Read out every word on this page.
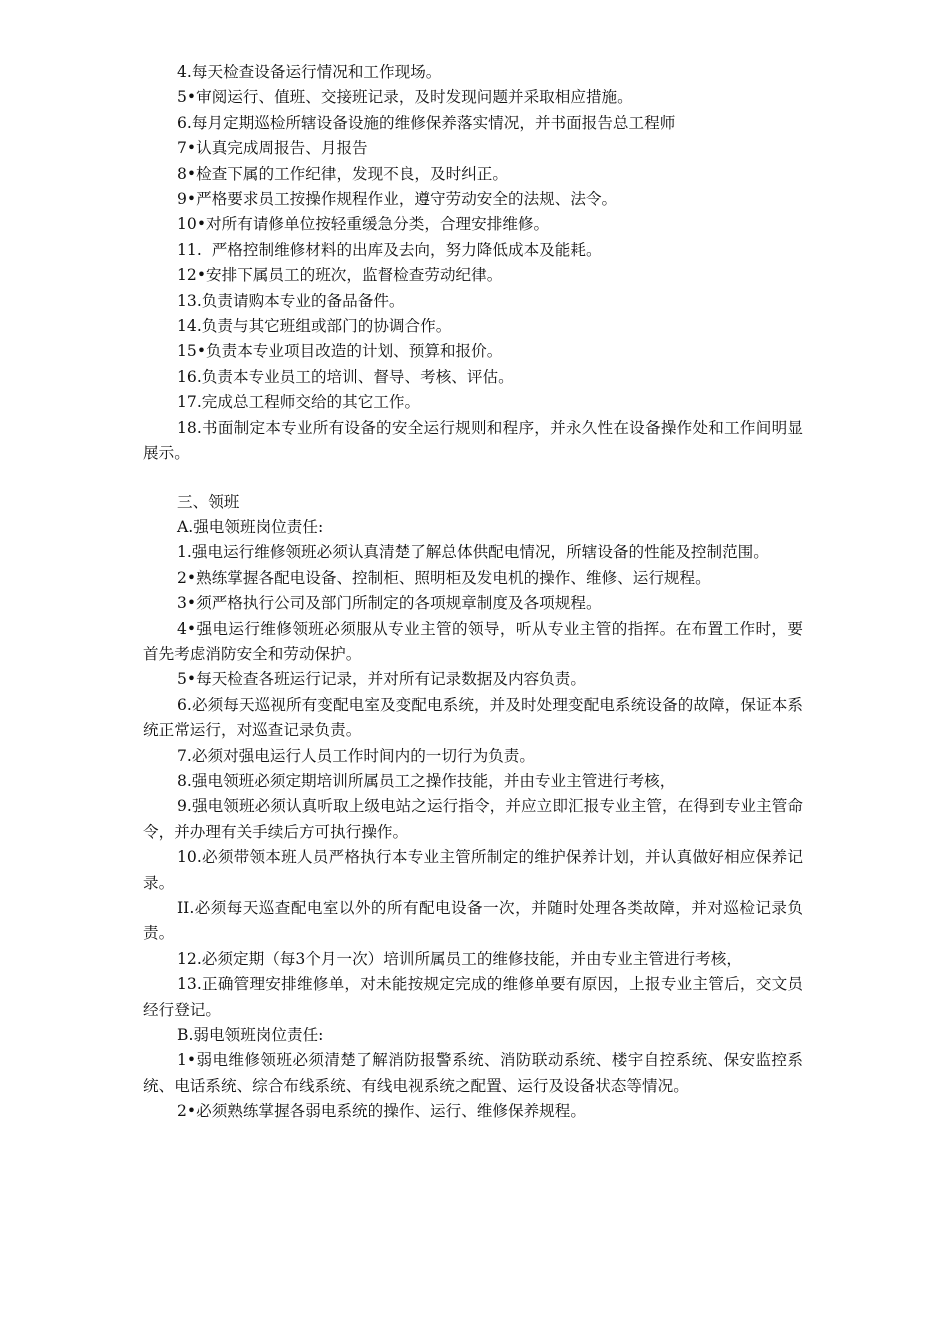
4.每天检查设备运行情况和工作现场。

5•审阅运行、值班、交接班记录，及时发现问题并采取相应措施。

6.每月定期巡检所辖设备设施的维修保养落实情况，并书面报告总工程师

7•认真完成周报告、月报告

8•检查下属的工作纪律，发现不良，及时纠正。

9•严格要求员工按操作规程作业，遵守劳动安全的法规、法令。

10•对所有请修单位按轻重缓急分类，合理安排维修。

11.  严格控制维修材料的出库及去向，努力降低成本及能耗。

12•安排下属员工的班次，监督检查劳动纪律。

13.负责请购本专业的备品备件。

14.负责与其它班组或部门的协调合作。

15•负责本专业项目改造的计划、预算和报价。

16.负责本专业员工的培训、督导、考核、评估。

17.完成总工程师交给的其它工作。

18.书面制定本专业所有设备的安全运行规则和程序，并永久性在设备操作处和工作间明显展示。

三、领班

A.强电领班岗位责任:

1.强电运行维修领班必须认真清楚了解总体供配电情况，所辖设备的性能及控制范围。

2•熟练掌握各配电设备、控制柜、照明柜及发电机的操作、维修、运行规程。

3•须严格执行公司及部门所制定的各项规章制度及各项规程。

4•强电运行维修领班必须服从专业主管的领导，听从专业主管的指挥。在布置工作时，要首先考虑消防安全和劳动保护。

5•每天检查各班运行记录，并对所有记录数据及内容负责。

6.必须每天巡视所有变配电室及变配电系统，并及时处理变配电系统设备的故障，保证本系统正常运行，对巡查记录负责。

7.必须对强电运行人员工作时间内的一切行为负责。

8.强电领班必须定期培训所属员工之操作技能，并由专业主管进行考核，

9.强电领班必须认真听取上级电站之运行指令，并应立即汇报专业主管，在得到专业主管命令，并办理有关手续后方可执行操作。

10.必须带领本班人员严格执行本专业主管所制定的维护保养计划，并认真做好相应保养记录。

II.必须每天巡查配电室以外的所有配电设备一次，并随时处理各类故障，并对巡检记录负责。

12.必须定期（每3个月一次）培训所属员工的维修技能，并由专业主管进行考核，

13.正确管理安排维修单，对未能按规定完成的维修单要有原因，上报专业主管后，交文员经行登记。

B.弱电领班岗位责任:

1•弱电维修领班必须清楚了解消防报警系统、消防联动系统、楼宇自控系统、保安监控系统、电话系统、综合布线系统、有线电视系统之配置、运行及设备状态等情况。

2•必须熟练掌握各弱电系统的操作、运行、维修保养规程。
